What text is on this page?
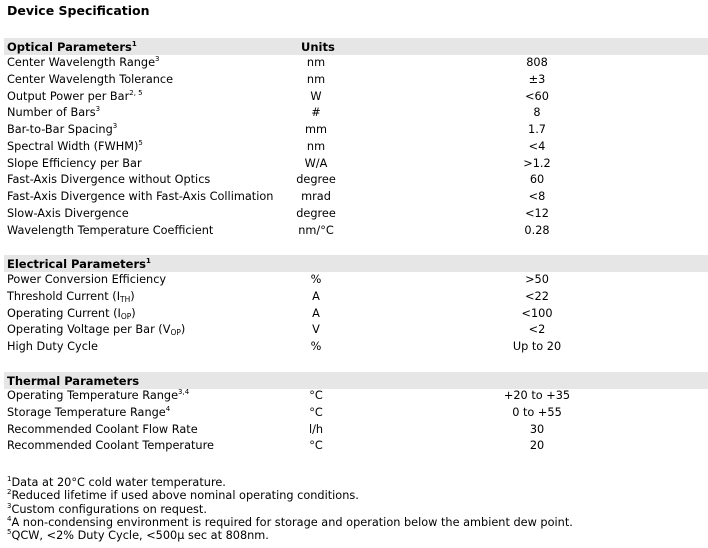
Device Specification
Optical Parameters$^1$	Units
Center Wavelength Range$^3$	nm	808
Center Wavelength Tolerance	nm	±3
Output Power per Bar$^{2, 5}$	W	<60
Number of Bars$^3$	#	8
Bar-to-Bar Spacing$^3$	mm	1.7
Spectral Width (FWHM)$^5$	nm	<4
Slope Efficiency per Bar	W/A	>1.2
Fast-Axis Divergence without Optics	degree	60
Fast-Axis Divergence with Fast-Axis Collimation	mrad	<8
Slow-Axis Divergence	degree	<12
Wavelength Temperature Coefficient	nm/°C	0.28
Electrical Parameters$^1$
Power Conversion Efficiency	%	>50
Threshold Current $(I_{TH})$	A	<22
Operating Current $(I_{OP})$	A	<100
Operating Voltage per Bar $(V_{OP})$	V	<2
High Duty Cycle	%	Up to 20
Thermal Parameters
Operating Temperature Range$^{3,4}$	°C	+20 to +35
Storage Temperature Range$^4$	°C	0 to +55
Recommended Coolant Flow Rate	l/h	30
Recommended Coolant Temperature	°C	20
$^1$Data at 20°C cold water temperature.
$^2$Reduced lifetime if used above nominal operating conditions.
$^3$Custom configurations on request.
$^4$A non-condensing environment is required for storage and operation below the ambient dew point.
$^5$QCW, <2% Duty Cycle, <500μ sec at 808nm.
